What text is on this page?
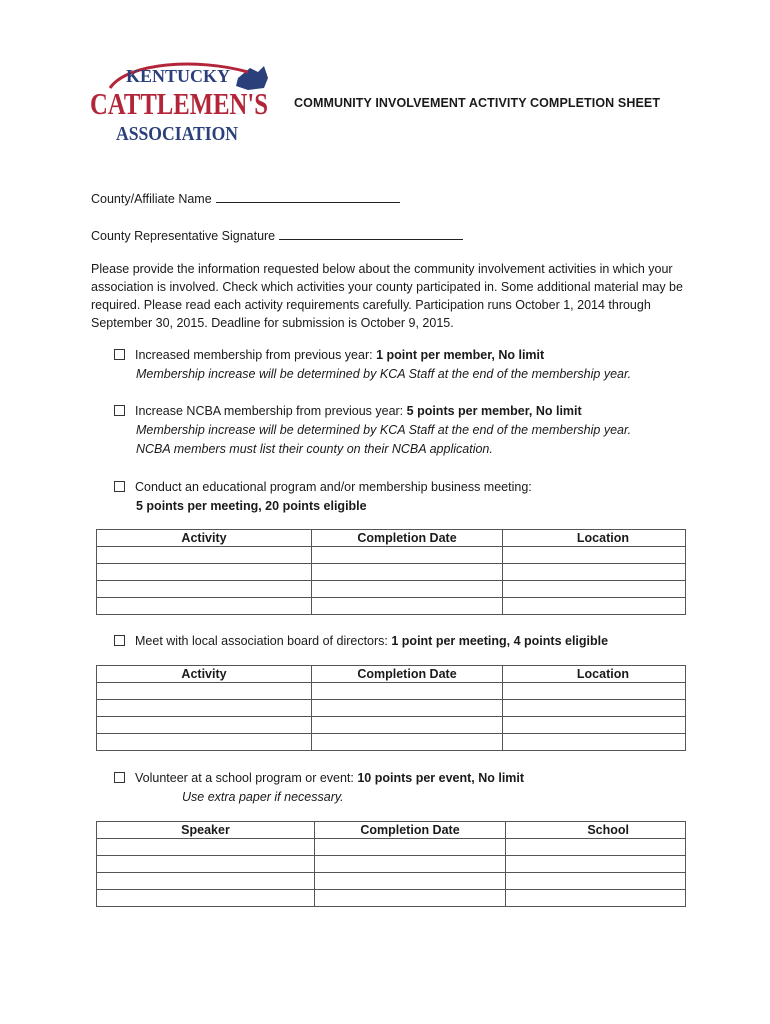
KENTUCKY
CATTLEMEN'S
ASSOCIATION
COMMUNITY INVOLVEMENT ACTIVITY COMPLETION SHEET
County/Affiliate Name
County Representative Signature
Please provide the information requested below about the community involvement activities in which your association is involved. Check which activities your county participated in. Some additional material may be required. Please read each activity requirements carefully. Participation runs October 1, 2014 through September 30, 2015. Deadline for submission is October 9, 2015.
Increased membership from previous year: 1 point per member, No limit
Membership increase will be determined by KCA Staff at the end of the membership year.
Increase NCBA membership from previous year: 5 points per member, No limit
Membership increase will be determined by KCA Staff at the end of the membership year.
NCBA members must list their county on their NCBA application.
Conduct an educational program and/or membership business meeting:
5 points per meeting, 20 points eligible
Activity	Completion Date	Location

Meet with local association board of directors: 1 point per meeting, 4 points eligible
Activity	Completion Date	Location

Volunteer at a school program or event: 10 points per event, No limit
Use extra paper if necessary.
Speaker	Completion Date	School
